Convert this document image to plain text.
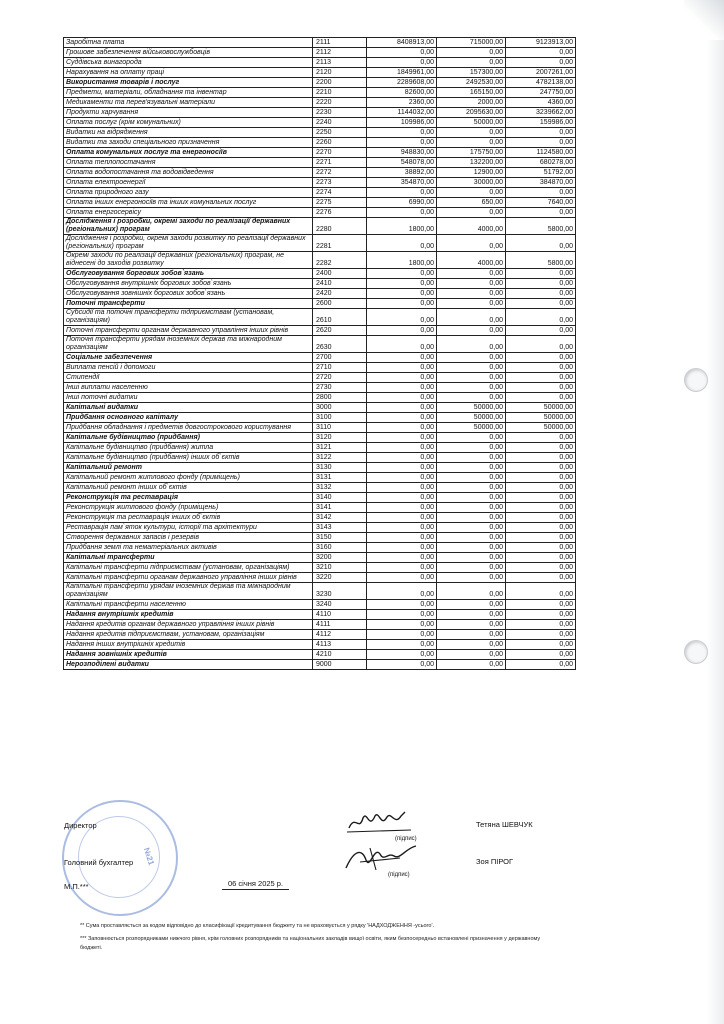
Заробітна плата	2111	8408913,00	715000,00	9123913,00
Грошове забезпечення військовослужбовців	2112	0,00	0,00	0,00
Суддівська винагорода	2113	0,00	0,00	0,00
Нарахування на оплату праці	2120	1849961,00	157300,00	2007261,00
Використання товарів і послуг	2200	2289608,00	2492530,00	4782138,00
Предмети, матеріали, обладнання та інвентар	2210	82600,00	165150,00	247750,00
Медикаменти та перев'язувальні матеріали	2220	2360,00	2000,00	4360,00
Продукти харчування	2230	1144032,00	2095630,00	3239662,00
Оплата послуг (крім комунальних)	2240	109986,00	50000,00	159986,00
Видатки на відрядження	2250	0,00	0,00	0,00
Видатки та заходи спеціального призначення	2260	0,00	0,00	0,00
Оплата комунальних послуг та енергоносіїв	2270	948830,00	175750,00	1124580,00
Оплата теплопостачання	2271	548078,00	132200,00	680278,00
Оплата водопостачання та водовідведення	2272	38892,00	12900,00	51792,00
Оплата електроенергії	2273	354870,00	30000,00	384870,00
Оплата природного газу	2274	0,00	0,00	0,00
Оплата інших енергоносіїв та інших комунальних послуг	2275	6990,00	650,00	7640,00
Оплата енергосервісу	2276	0,00	0,00	0,00
Дослідження і розробки, окремі заходи по реалізації державних (регіональних) програм	2280	1800,00	4000,00	5800,00
Дослідження і розробки, окремі заходи розвитку по реалізації державних (регіональних) програм	2281	0,00	0,00	0,00
Окремі заходи по реалізації державних (регіональних) програм, не віднесені до заходів розвитку	2282	1800,00	4000,00	5800,00
Обслуговування боргових зобов`язань	2400	0,00	0,00	0,00
Обслуговування внутрішніх боргових зобов`язань	2410	0,00	0,00	0,00
Обслуговування зовнішніх боргових зобов`язань	2420	0,00	0,00	0,00
Поточні трансферти	2600	0,00	0,00	0,00
Субсидії та поточні трансферти підприємствам (установам, організаціям)	2610	0,00	0,00	0,00
Поточні трансферти органам державного управління інших рівнів	2620	0,00	0,00	0,00
Поточні трансферти урядам іноземних держав та міжнародним організаціям	2630	0,00	0,00	0,00
Соціальне забезпечення	2700	0,00	0,00	0,00
Виплата пенсій і допомоги	2710	0,00	0,00	0,00
Стипендії	2720	0,00	0,00	0,00
Інші виплати населенню	2730	0,00	0,00	0,00
Інші поточні видатки	2800	0,00	0,00	0,00
Капітальні видатки	3000	0,00	50000,00	50000,00
Придбання основного капіталу	3100	0,00	50000,00	50000,00
Придбання обладнання і предметів довгострокового користування	3110	0,00	50000,00	50000,00
Капітальне будівництво (придбання)	3120	0,00	0,00	0,00
Капітальне будівництво (придбання) житла	3121	0,00	0,00	0,00
Капітальне будівництво (придбання) інших об`єктів	3122	0,00	0,00	0,00
Капітальний ремонт	3130	0,00	0,00	0,00
Капітальний ремонт житлового фонду (приміщень)	3131	0,00	0,00	0,00
Капітальний ремонт інших об`єктів	3132	0,00	0,00	0,00
Реконструкція та реставрація	3140	0,00	0,00	0,00
Реконструкція житлового фонду (приміщень)	3141	0,00	0,00	0,00
Реконструкція та реставрація інших об`єктів	3142	0,00	0,00	0,00
Реставрація пам`яток культури, історії та архітектури	3143	0,00	0,00	0,00
Створення державних запасів і резервів	3150	0,00	0,00	0,00
Придбання землі та нематеріальних активів	3160	0,00	0,00	0,00
Капітальні трансферти	3200	0,00	0,00	0,00
Капітальні трансферти підприємствам (установам, організаціям)	3210	0,00	0,00	0,00
Капітальні трансферти органам державного управління інших рівнів	3220	0,00	0,00	0,00
Капітальні трансферти урядам іноземних держав та міжнародним організаціям	3230	0,00	0,00	0,00
Капітальні трансферти населенню	3240	0,00	0,00	0,00
Надання внутрішніх кредитів	4110	0,00	0,00	0,00
Надання кредитів органам державного управління інших рівнів	4111	0,00	0,00	0,00
Надання кредитів підприємствам, установам, організаціям	4112	0,00	0,00	0,00
Надання інших внутрішніх кредитів	4113	0,00	0,00	0,00
Надання зовнішніх кредитів	4210	0,00	0,00	0,00
Нерозподілені видатки	9000	0,00	0,00	0,00
№21
Директор
(підпис)
Тетяна ШЕВЧУК
Головний бухгалтер
(підпис)
Зоя ПІРОГ
М.П.***	06 січня 2025 р.
** Сума проставляється за кодом відповідно до класифікації кредитування бюджету та не враховується у рядку 'НАДХОДЖЕННЯ -усього'.
*** Заповнюється розпорядниками нижчого рівня, крім головних розпорядників та національних закладів вищої освіти, яким безпосередньо встановлені призначення у державному бюджеті.
